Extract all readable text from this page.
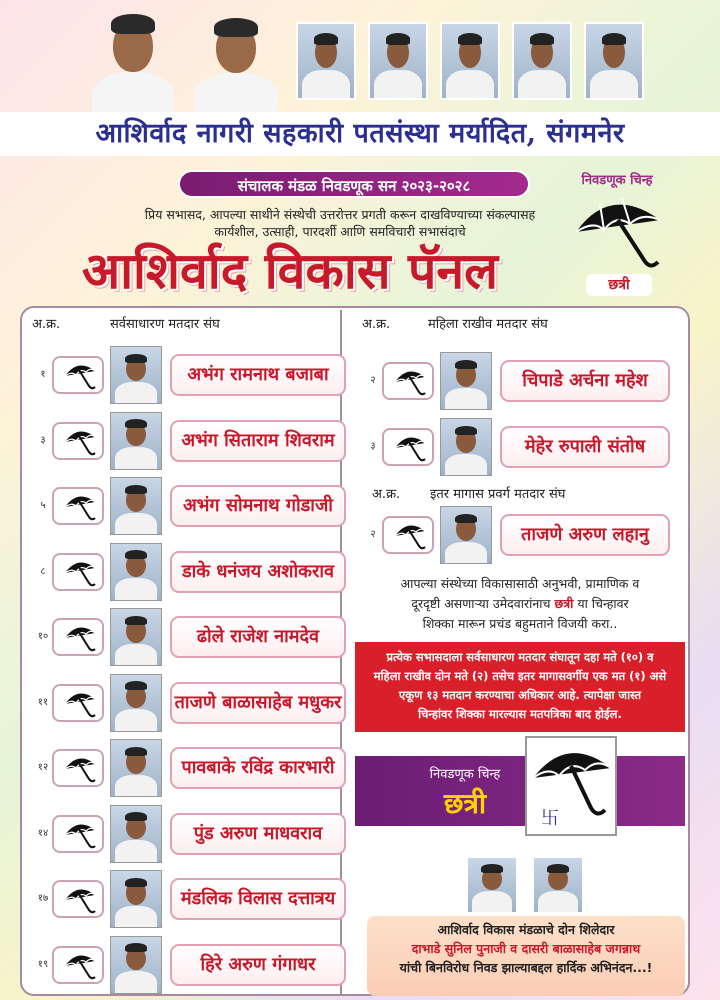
आशिर्वाद नागरी सहकारी पतसंस्था मर्यादित, संगमनेर
संचालक मंडळ निवडणूक सन २०२३-२०२८
प्रिय सभासद, आपल्या साथीने संस्थेची उत्तरोत्तर प्रगती करून दाखविण्याच्या संकल्पासह
कार्यशील, उत्साही, पारदर्शी आणि समविचारी सभासंदाचे
आशिर्वाद विकास पॅनल
निवडणूक चिन्ह
छत्री
अ.क्र.	सर्वसाधारण मतदार संघ	अ.क्र.	महिला राखीव मतदार संघ
१	अभंग रामनाथ बजाबा
३	अभंग सिताराम शिवराम
५	अभंग सोमनाथ गोडाजी
८	डाके धनंजय अशोकराव
१०	ढोले राजेश नामदेव
११	ताजणे बाळासाहेब मधुकर
१२	पावबाके रविंद्र कारभारी
१४	पुंड अरुण माधवराव
१७	मंडलिक विलास दत्तात्रय
१९	हिरे अरुण गंगाधर
२	चिपाडे अर्चना महेश
३	मेहेर रुपाली संतोष
अ.क्र. इतर मागास प्रवर्ग मतदार संघ
२	ताजणे अरुण लहानु
आपल्या संस्थेच्या विकासासाठी अनुभवी, प्रामाणिक व
दूरदृष्टी असणाऱ्या उमेदवारांनाच छत्री या चिन्हावर
शिक्का मारून प्रचंड बहुमताने विजयी करा..
प्रत्येक सभासदाला सर्वसाधारण मतदार संघातून दहा मते (१०) व
महिला राखीव दोन मते (२) तसेच इतर मागासवर्गीय एक मत (१) असे
एकूण १३ मतदान करण्याचा अधिकार आहे. त्यापेक्षा जास्त
चिन्हांवर शिक्का मारल्यास मतपत्रिका बाद होईल.
निवडणूक चिन्ह
छत्री	卐
आशिर्वाद विकास मंडळाचे दोन शिलेदार
दाभाडे सुनिल पुनाजी व दासरी बाळासाहेब जगन्नाथ
यांची बिनविरोध निवड झाल्याबद्दल हार्दिक अभिनंदन...!
